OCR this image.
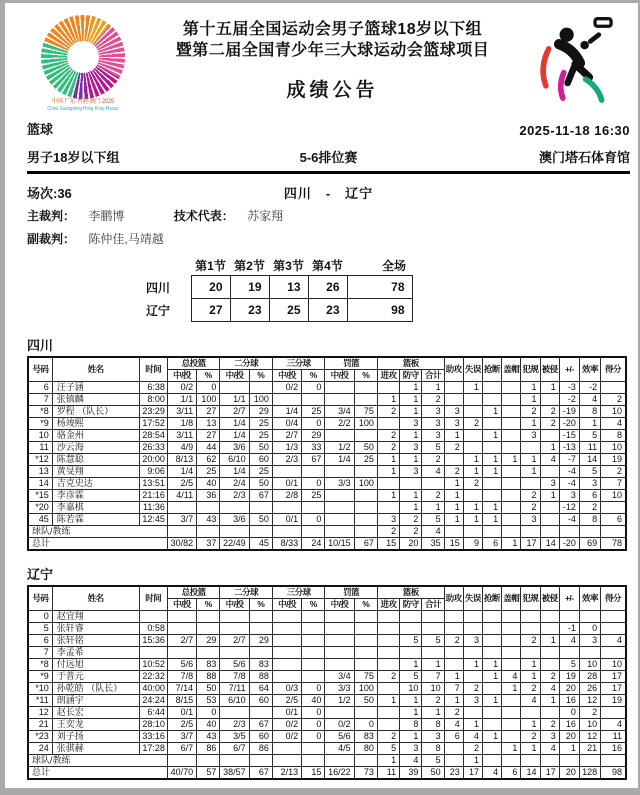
中国·广东·香港·澳门 2025
China Guangdong·Hong Kong·Macao
第十五届全国运动会男子篮球18岁以下组
暨第二届全国青少年三大球运动会篮球项目
成绩公告
篮球	2025-11-18 16:30
男子18岁以下组	5-6排位赛	澳门塔石体育馆
场次:36	四川 - 辽宁
主裁判： 李鹏博	技术代表： 苏家翔
副裁判： 陈仲佳,马靖越
	第1节	第2节	第3节	第4节	全场
四川	20	19	13	26	78
辽宁	27	23	25	23	98
四川
号码	姓名	时间	总投篮		二分球		三分球		罚篮		篮板			助攻	失误	抢断	盖帽	犯规	被侵	+/-	效率	得分
			中/投	%	中/投	%	中/投	%	中/投	%	进攻	防守	合计									
6	汪子涵	6:38	0/2	0			0/2	0				1	1		1			1	1	-3	-2	
7	张镇麟	8:00	1/1	100	1/1	100					1	1	2					1		-2	4	2
*8	罗程 （队长）	23:29	3/11	27	2/7	29	1/4	25	3/4	75	2	1	3	3		1		2	2	-19	8	10
*9	杨竣熙	17:52	1/8	13	1/4	25	0/4	0	2/2	100		3	3	3	2			1	2	-20	1	4
10	骆金州	28:54	3/11	27	1/4	25	2/7	29			2	1	3	1		1		3		-15	5	8
11	沙云海	26:33	4/9	44	3/6	50	1/3	33	1/2	50	2	3	5	2					1	-13	11	10
*12	陈慧聪	20:00	8/13	62	6/10	60	2/3	67	1/4	25	1	1	2		1	1	1	1	4	-7	14	19
13	黄旻翔	9:06	1/4	25	1/4	25					1	3	4	2	1	1		1		-4	5	2
14	吉克史达	13:51	2/5	40	2/4	50	0/1	0	3/3	100				1	2				3	-4	3	7
*15	李彦霖	21:16	4/11	36	2/3	67	2/8	25			1	1	2	1				2	1	3	6	10
*20	李嘉棋	11:36										1	1	1	1	1		2		-12	2	
45	陈若霖	12:45	3/7	43	3/6	50	0/1	0			3	2	5	1	1	1		3		-4	8	6
球队/教练											2	2	4									
总计			30/82	37	22/49	45	8/33	24	10/15	67	15	20	35	15	9	6	1	17	14	-20	69	78
辽宁
号码	姓名	时间	总投篮		二分球		三分球		罚篮		篮板			助攻	失误	抢断	盖帽	犯规	被侵	+/-	效率	得分
			中/投	%	中/投	%	中/投	%	中/投	%	进攻	防守	合计									
0	赵宜翔																					
5	张轩睿	0:58																		-1	0	
6	张轩铭	15:36	2/7	29	2/7	29						5	5	2	3			2	1	4	3	4
7	李孟希																					
*8	付远旭	10:52	5/6	83	5/6	83						1	1		1	1		1		5	10	10
*9	于普元	22:32	7/8	88	7/8	88			3/4	75	2	5	7	1		1	4	1	2	19	28	17
*10	孙乾皓 （队长）	40:00	7/14	50	7/11	64	0/3	0	3/3	100		10	10	7	2		1	2	4	20	26	17
*11	朗涵宇	24:24	8/15	53	6/10	60	2/5	40	1/2	50	1	1	2	1	3	1		4	1	16	12	19
12	赵长宏	6:44	0/1	0			0/1	0				1	1	2						0	2	
21	王奕龙	28:10	2/5	40	2/3	67	0/2	0	0/2	0		8	8	4	1			1	2	16	10	4
*23	刘子扬	33:16	3/7	43	3/5	60	0/2	0	5/6	83	2	1	3	6	4	1		2	3	20	12	11
24	张骐赫	17:28	6/7	86	6/7	86			4/5	80	5	3	8		2		1	1	4	1	21	16
球队/教练											1	4	5		1							
总计			40/70	57	38/57	67	2/13	15	16/22	73	11	39	50	23	17	4	6	14	17	20	128	98
